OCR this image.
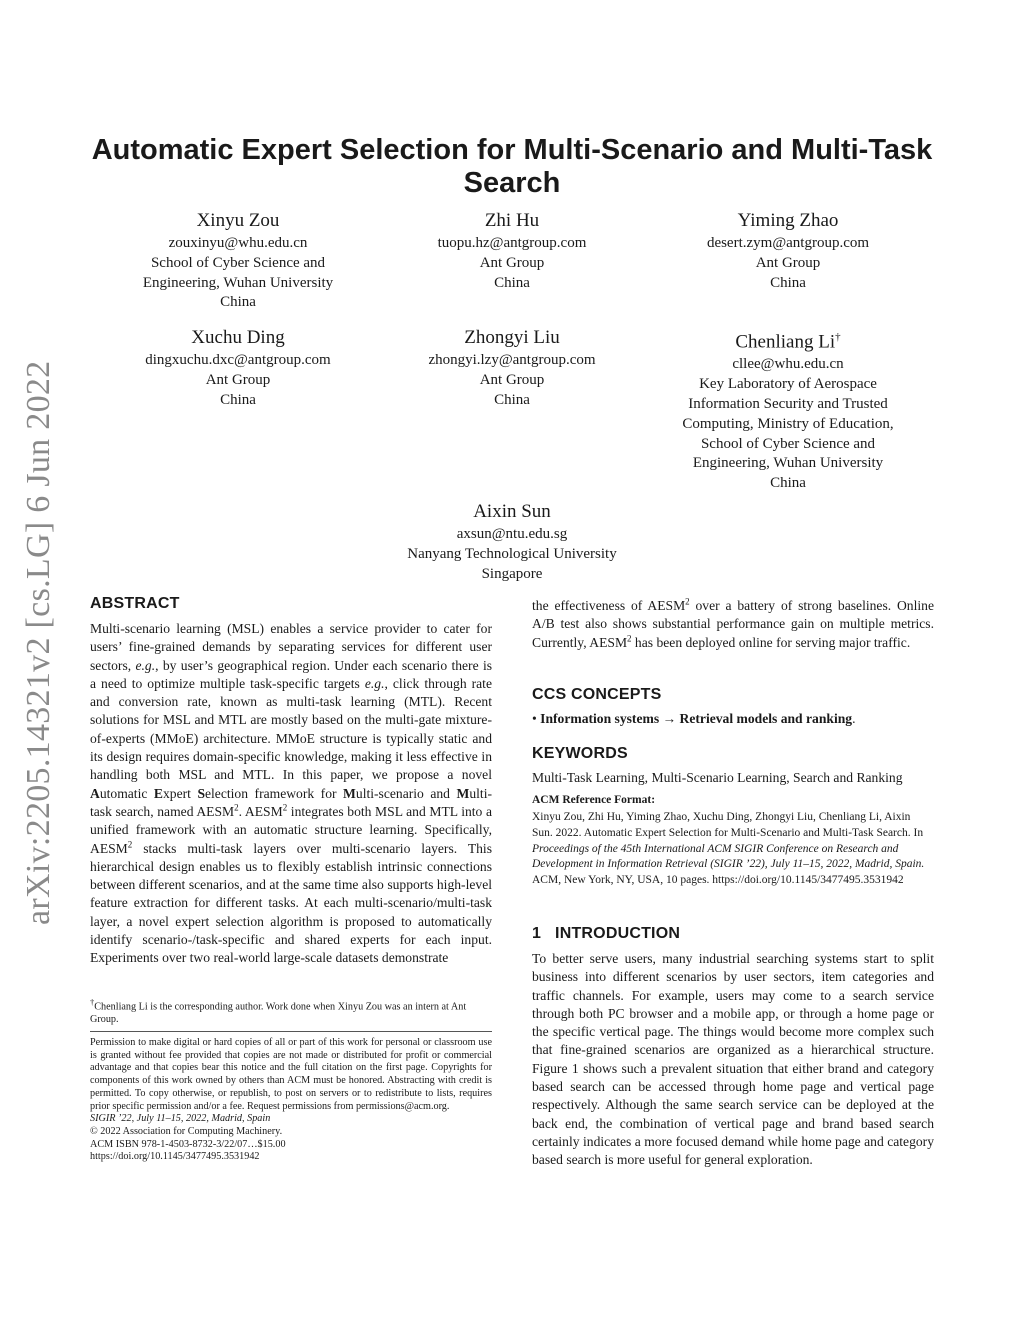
arXiv:2205.14321v2 [cs.LG] 6 Jun 2022
Automatic Expert Selection for Multi-Scenario and Multi-Task Search
Xinyu Zou
zouxinyu@whu.edu.cn
School of Cyber Science and Engineering, Wuhan University
China
Zhi Hu
tuopu.hz@antgroup.com
Ant Group
China
Yiming Zhao
desert.zym@antgroup.com
Ant Group
China
Xuchu Ding
dingxuchu.dxc@antgroup.com
Ant Group
China
Zhongyi Liu
zhongyi.lzy@antgroup.com
Ant Group
China
Chenliang Li†
cllee@whu.edu.cn
Key Laboratory of Aerospace Information Security and Trusted Computing, Ministry of Education, School of Cyber Science and Engineering, Wuhan University
China
Aixin Sun
axsun@ntu.edu.sg
Nanyang Technological University
Singapore
ABSTRACT
Multi-scenario learning (MSL) enables a service provider to cater for users’ fine-grained demands by separating services for different user sectors, e.g., by user’s geographical region. Under each scenario there is a need to optimize multiple task-specific targets e.g., click through rate and conversion rate, known as multi-task learning (MTL). Recent solutions for MSL and MTL are mostly based on the multi-gate mixture-of-experts (MMoE) architecture. MMoE structure is typically static and its design requires domain-specific knowledge, making it less effective in handling both MSL and MTL. In this paper, we propose a novel Automatic Expert Selection framework for Multi-scenario and Multi-task search, named AESM$^2$. AESM$^2$ integrates both MSL and MTL into a unified framework with an automatic structure learning. Specifically, AESM$^2$ stacks multi-task layers over multi-scenario layers. This hierarchical design enables us to flexibly establish intrinsic connections between different scenarios, and at the same time also supports high-level feature extraction for different tasks. At each multi-scenario/multi-task layer, a novel expert selection algorithm is proposed to automatically identify scenario-/task-specific and shared experts for each input. Experiments over two real-world large-scale datasets demonstrate
†Chenliang Li is the corresponding author. Work done when Xinyu Zou was an intern at Ant Group.
Permission to make digital or hard copies of all or part of this work for personal or classroom use is granted without fee provided that copies are not made or distributed for profit or commercial advantage and that copies bear this notice and the full citation on the first page. Copyrights for components of this work owned by others than ACM must be honored. Abstracting with credit is permitted. To copy otherwise, or republish, to post on servers or to redistribute to lists, requires prior specific permission and/or a fee. Request permissions from permissions@acm.org.
SIGIR ’22, July 11–15, 2022, Madrid, Spain
© 2022 Association for Computing Machinery.
ACM ISBN 978-1-4503-8732-3/22/07…$15.00
https://doi.org/10.1145/3477495.3531942
the effectiveness of AESM$^2$ over a battery of strong baselines. Online A/B test also shows substantial performance gain on multiple metrics. Currently, AESM$^2$ has been deployed online for serving major traffic.
CCS CONCEPTS
• Information systems → Retrieval models and ranking.
KEYWORDS
Multi-Task Learning, Multi-Scenario Learning, Search and Ranking
ACM Reference Format:
Xinyu Zou, Zhi Hu, Yiming Zhao, Xuchu Ding, Zhongyi Liu, Chenliang Li, Aixin Sun. 2022. Automatic Expert Selection for Multi-Scenario and Multi-Task Search. In Proceedings of the 45th International ACM SIGIR Conference on Research and Development in Information Retrieval (SIGIR ’22), July 11–15, 2022, Madrid, Spain. ACM, New York, NY, USA, 10 pages. https://doi.org/10.1145/3477495.3531942
1 INTRODUCTION
To better serve users, many industrial searching systems start to split business into different scenarios by user sectors, item categories and traffic channels. For example, users may come to a search service through both PC browser and a mobile app, or through a home page or the specific vertical page. The things would become more complex such that fine-grained scenarios are organized as a hierarchical structure. Figure 1 shows such a prevalent situation that either brand and category based search can be accessed through home page and vertical page respectively. Although the same search service can be deployed at the back end, the combination of vertical page and brand based search certainly indicates a more focused demand while home page and category based search is more useful for general exploration.
